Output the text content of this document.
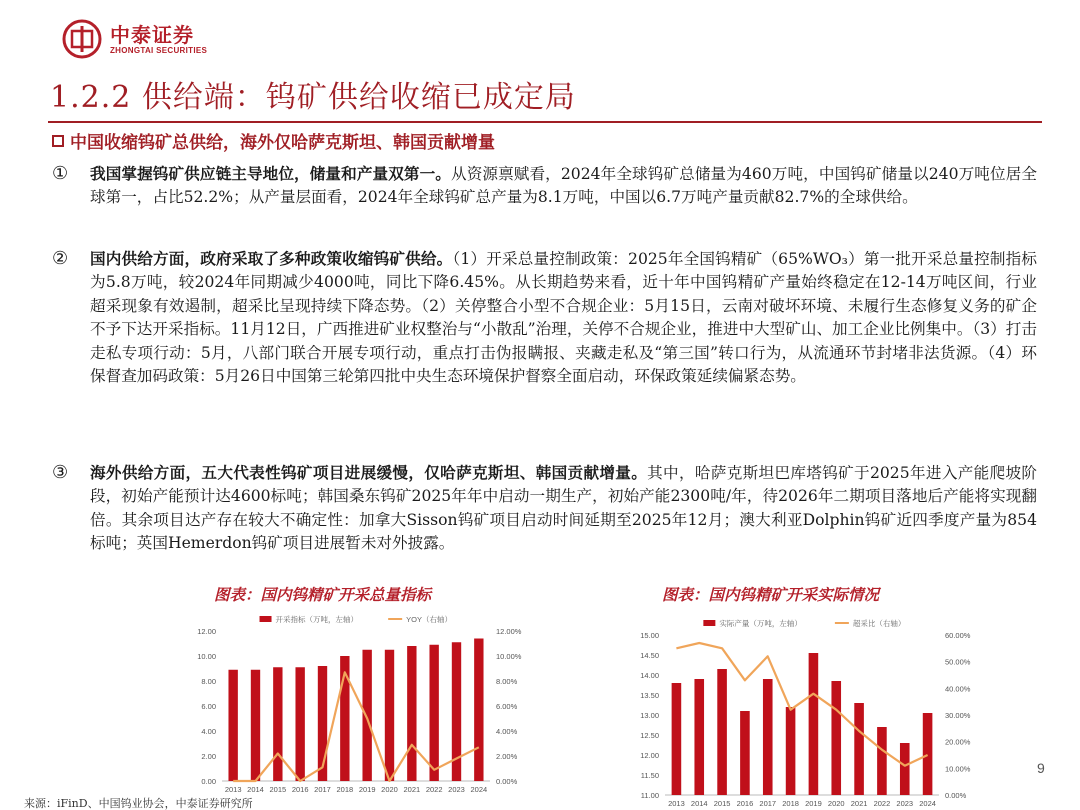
中泰证券
ZHONGTAI SECURITIES
1.2.2 供给端：钨矿供给收缩已成定局
中国收缩钨矿总供给，海外仅哈萨克斯坦、韩国贡献增量
① 我国掌握钨矿供应链主导地位，储量和产量双第一。从资源禀赋看，2024年全球钨矿总储量为460万吨，中国钨矿储量以240万吨位居全球第一，占比52.2%；从产量层面看，2024年全球钨矿总产量为8.1万吨，中国以6.7万吨产量贡献82.7%的全球供给。
② 国内供给方面，政府采取了多种政策收缩钨矿供给。（1）开采总量控制政策：2025年全国钨精矿（65%WO₃）第一批开采总量控制指标为5.8万吨，较2024年同期减少4000吨，同比下降6.45%。从长期趋势来看，近十年中国钨精矿产量始终稳定在12-14万吨区间，行业超采现象有效遏制，超采比呈现持续下降态势。（2）关停整合小型不合规企业：5月15日，云南对破坏环境、未履行生态修复义务的矿企不予下达开采指标。11月12日，广西推进矿业权整治与“小散乱”治理，关停不合规企业，推进中大型矿山、加工企业比例集中。（3）打击走私专项行动：5月，八部门联合开展专项行动，重点打击伪报瞒报、夹藏走私及“第三国”转口行为，从流通环节封堵非法货源。（4）环保督查加码政策：5月26日中国第三轮第四批中央生态环境保护督察全面启动，环保政策延续偏紧态势。
③ 海外供给方面，五大代表性钨矿项目进展缓慢，仅哈萨克斯坦、韩国贡献增量。其中，哈萨克斯坦巴库塔钨矿于2025年进入产能爬坡阶段，初始产能预计达4600标吨；韩国桑东钨矿2025年年中启动一期生产，初始产能2300吨/年，待2026年二期项目落地后产能将实现翻倍。其余项目达产存在较大不确定性：加拿大Sisson钨矿项目启动时间延期至2025年12月；澳大利亚Dolphin钨矿近四季度产量为854标吨；英国Hemerdon钨矿项目进展暂未对外披露。
图表：国内钨精矿开采总量指标
0.00
2.00
4.00
6.00
8.00
10.00
12.00
0.00%
2.00%
4.00%
6.00%
8.00%
10.00%
12.00%
2013 2014 2015 2016 2017 2018 2019 2020 2021 2022 2023 2024
开采指标（万吨，左轴）	YOY（右轴）
图表：国内钨精矿开采实际情况
11.00
11.50
12.00
12.50
13.00
13.50
14.00
14.50
15.00
0.00%
10.00%
20.00%
30.00%
40.00%
50.00%
60.00%
2013 2014 2015 2016 2017 2018 2019 2020 2021 2022 2023 2024
实际产量（万吨，左轴）	超采比（右轴）
9
来源：iFinD、中国钨业协会，中泰证券研究所
